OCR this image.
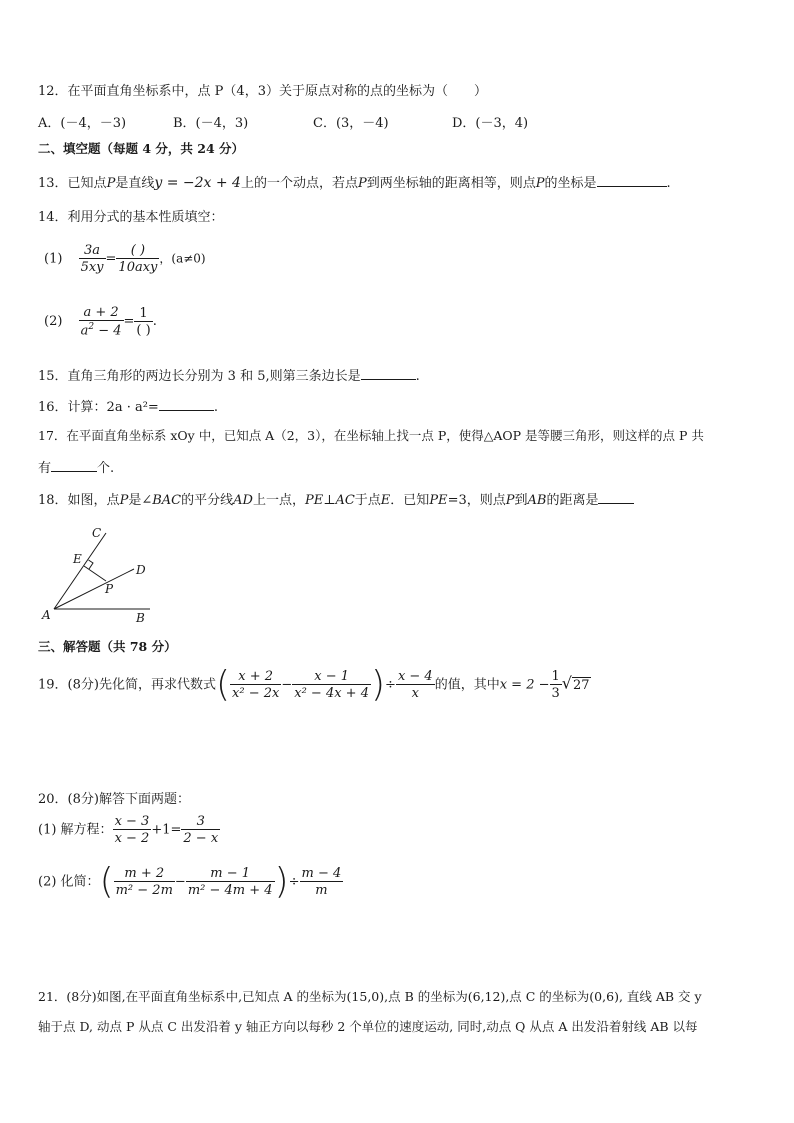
12．在平面直角坐标系中，点 P（4，3）关于原点对称的点的坐标为（　　）
A．(－4，－3)	B．(－4，3)	C．(3，－4)	D．(－3，4)
二、填空题（每题 4 分，共 24 分）
13．已知点P是直线y = −2x + 4上的一个动点，若点P到两坐标轴的距离相等，则点P的坐标是	.
14．利用分式的基本性质填空：
$(1) \frac{3a}{5xy} = \frac{( )}{\text{10axy}}$ ，(a≠0)
$(2) \frac{a + 2}{a^2 - 4} = \frac{1}{( )}$ .
15．直角三角形的两边长分别为 3 和 5,则第三条边长是	.
16．计算：2a · a²=	.
17．在平面直角坐标系 xOy 中，已知点 A（2，3），在坐标轴上找一点 P，使得△AOP 是等腰三角形，则这样的点 P 共
有	个.
18．如图，点P是∠BAC的平分线AD上一点，PE⊥AC于点E．已知PE=3，则点P到AB的距离是
C
E
D
P
A	B
三、解答题（共 78 分）
19．(8分)先化简，再求代数式( $\frac{x + 2}{\text{x² − 2x}} - \frac{x - 1}{\text{x² − 4x + 4}}$ )÷ $\frac{x - 4}{x}$ 的值，其中$x = 2 - \frac{1}{3} √27$
20．(8分)解答下面两题：
(1) 解方程： $\frac{x - 3}{x - 2} +1= \frac{3}{2 - x}$
(2) 化简：( $\frac{m + 2}{\text{m² − 2m}} - \frac{m - 1}{\text{m² − 4m + 4}}$ )÷ $\frac{m - 4}{m}$
21．(8分)如图,在平面直角坐标系中,已知点 A 的坐标为(15,0),点 B 的坐标为(6,12),点 C 的坐标为(0,6), 直线 AB 交 y
轴于点 D, 动点 P 从点 C 出发沿着 y 轴正方向以每秒 2 个单位的速度运动, 同时,动点 Q 从点 A 出发沿着射线 AB 以每
